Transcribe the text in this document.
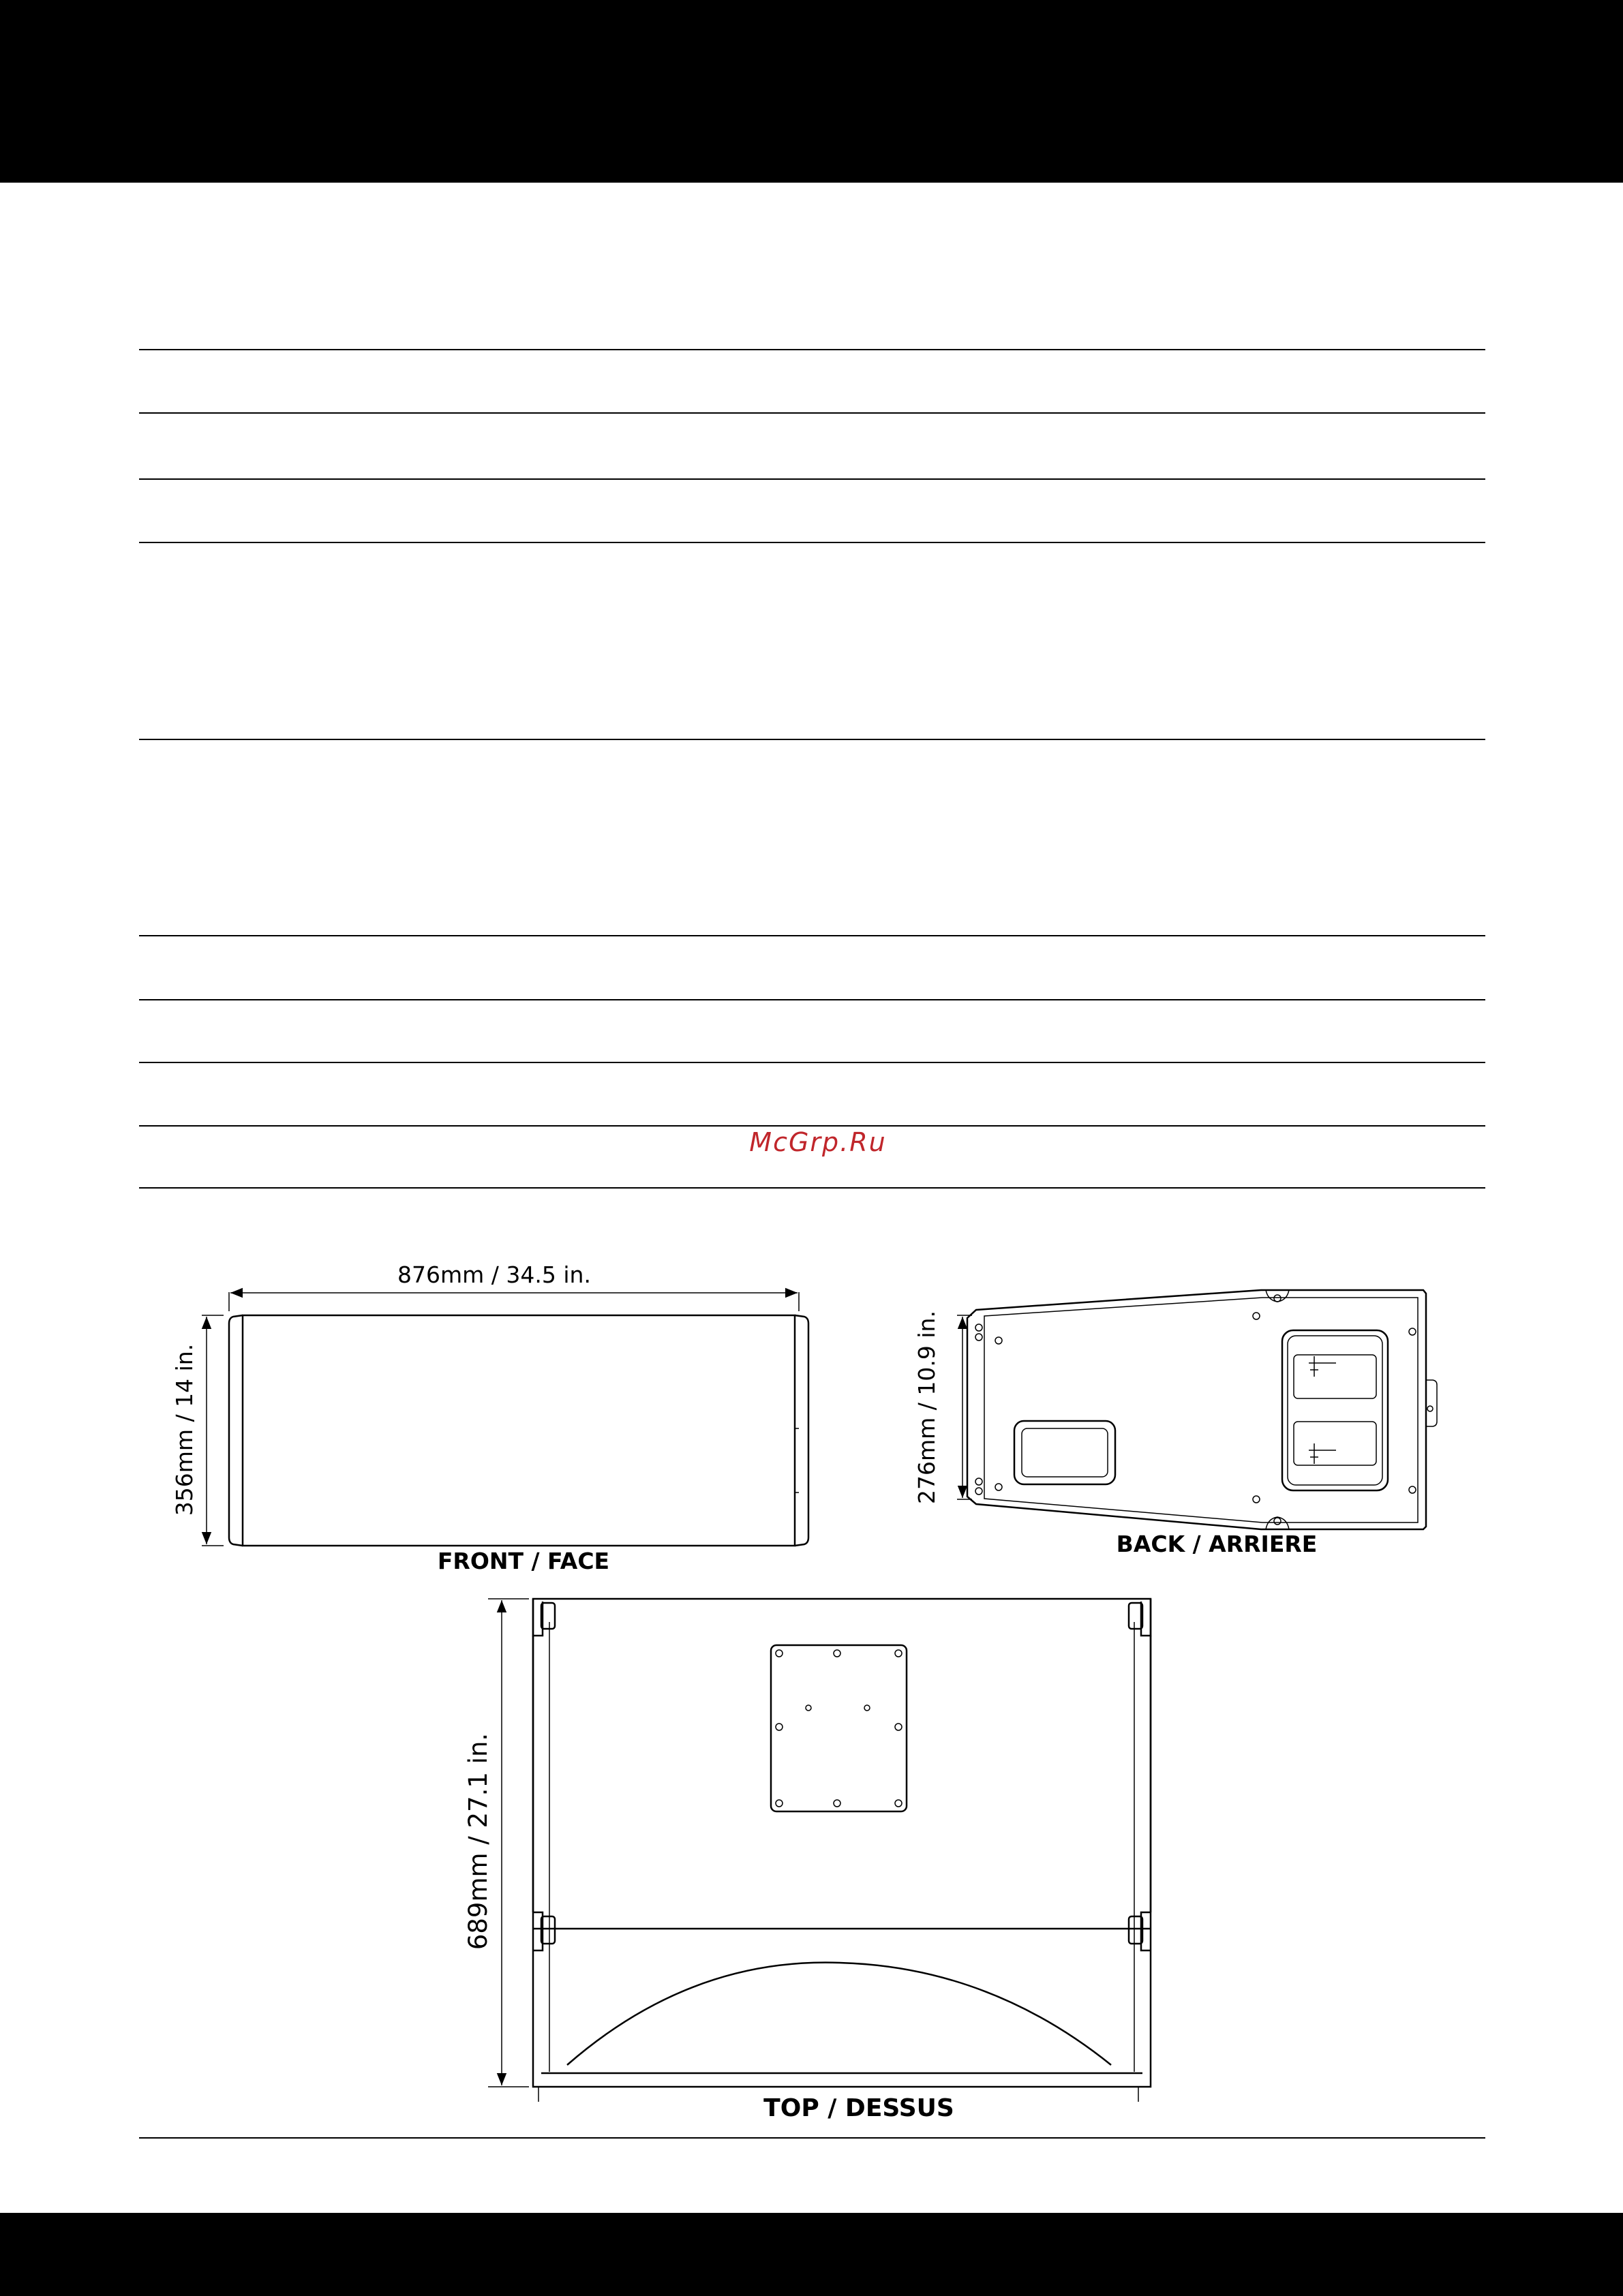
McGrp.Ru
876mm / 34.5 in.
356mm / 14 in.
FRONT / FACE
276mm / 10.9 in.
BACK / ARRIERE
689mm / 27.1 in.
TOP / DESSUS
